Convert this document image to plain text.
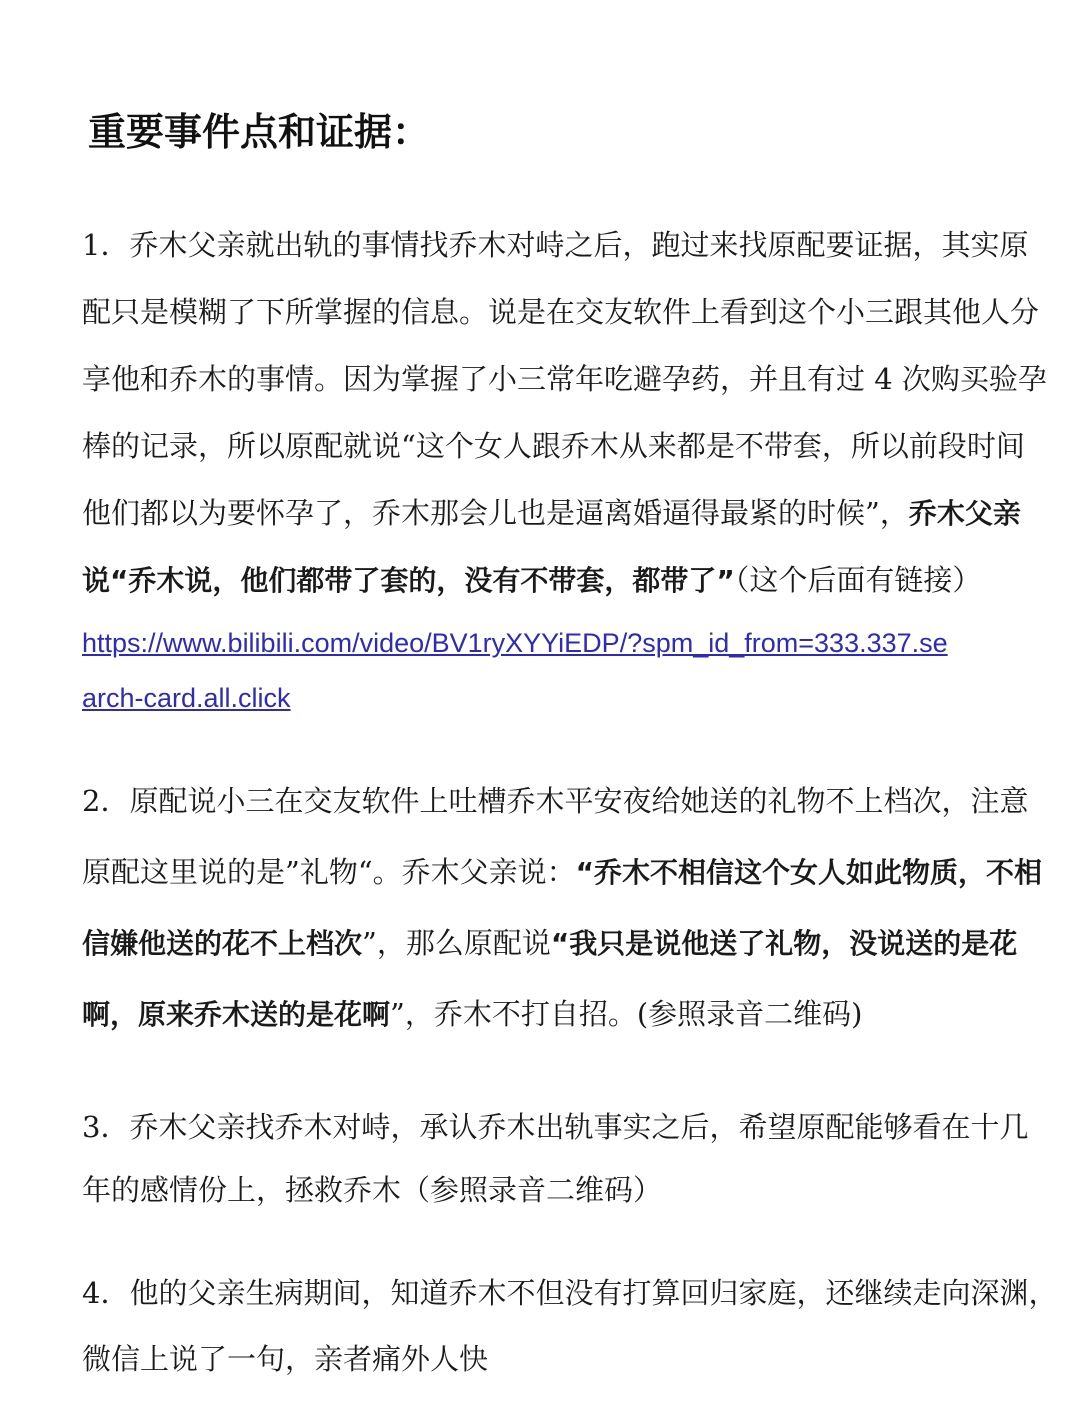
重要事件点和证据：
1．乔木父亲就出轨的事情找乔木对峙之后，跑过来找原配要证据，其实原
配只是模糊了下所掌握的信息。说是在交友软件上看到这个小三跟其他人分
享他和乔木的事情。因为掌握了小三常年吃避孕药，并且有过 4 次购买验孕
棒的记录，所以原配就说“这个女人跟乔木从来都是不带套，所以前段时间
他们都以为要怀孕了，乔木那会儿也是逼离婚逼得最紧的时候”，乔木父亲
说“乔木说，他们都带了套的，没有不带套，都带了”（这个后面有链接）
https://www.bilibili.com/video/BV1ryXYYiEDP/?spm_id_from=333.337.se
arch-card.all.click
2．原配说小三在交友软件上吐槽乔木平安夜给她送的礼物不上档次，注意
原配这里说的是”礼物“。乔木父亲说：“乔木不相信这个女人如此物质，不相
信嫌他送的花不上档次”，那么原配说“我只是说他送了礼物，没说送的是花
啊，原来乔木送的是花啊”，乔木不打自招。(参照录音二维码)
3．乔木父亲找乔木对峙，承认乔木出轨事实之后，希望原配能够看在十几
年的感情份上，拯救乔木（参照录音二维码）
4．他的父亲生病期间，知道乔木不但没有打算回归家庭，还继续走向深渊，
微信上说了一句，亲者痛外人快
